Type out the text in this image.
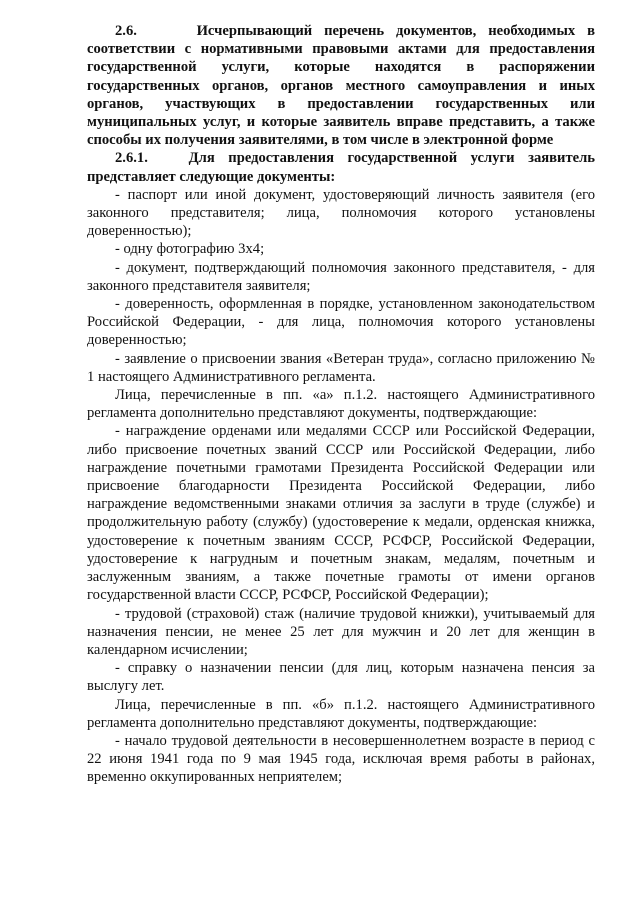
2.6.	Исчерпывающий перечень документов, необходимых в соответствии с нормативными правовыми актами для предоставления государственной услуги, которые находятся в распоряжении государственных органов, органов местного самоуправления и иных органов, участвующих в предоставлении государственных или муниципальных услуг, и которые заявитель вправе представить, а также способы их получения заявителями, в том числе в электронной форме

2.6.1.	Для предоставления государственной услуги заявитель представляет следующие документы:

- паспорт или иной документ, удостоверяющий личность заявителя (его законного представителя; лица, полномочия которого установлены доверенностью);

- одну фотографию 3х4;

- документ, подтверждающий полномочия законного представителя, - для законного представителя заявителя;

- доверенность, оформленная в порядке, установленном законодательством Российской Федерации, - для лица, полномочия которого установлены доверенностью;

- заявление о присвоении звания «Ветеран труда», согласно приложению № 1 настоящего Административного регламента.

Лица, перечисленные в пп. «а» п.1.2. настоящего Административного регламента дополнительно представляют документы, подтверждающие:

- награждение орденами или медалями СССР или Российской Федерации, либо присвоение почетных званий СССР или Российской Федерации, либо награждение почетными грамотами Президента Российской Федерации или присвоение благодарности Президента Российской Федерации, либо награждение ведомственными знаками отличия за заслуги в труде (службе) и продолжительную работу (службу) (удостоверение к медали, орденская книжка, удостоверение к почетным званиям СССР, РСФСР, Российской Федерации, удостоверение к нагрудным и почетным знакам, медалям, почетным и заслуженным званиям, а также почетные грамоты от имени органов государственной власти СССР, РСФСР, Российской Федерации);

- трудовой (страховой) стаж (наличие трудовой книжки), учитываемый для назначения пенсии, не менее 25 лет для мужчин и 20 лет для женщин в календарном исчислении;

- справку о назначении пенсии (для лиц, которым назначена пенсия за выслугу лет.

Лица, перечисленные в пп. «б» п.1.2. настоящего Административного регламента дополнительно представляют документы, подтверждающие:

- начало трудовой деятельности в несовершеннолетнем возрасте в период с 22 июня 1941 года по 9 мая 1945 года, исключая время работы в районах, временно оккупированных неприятелем;
